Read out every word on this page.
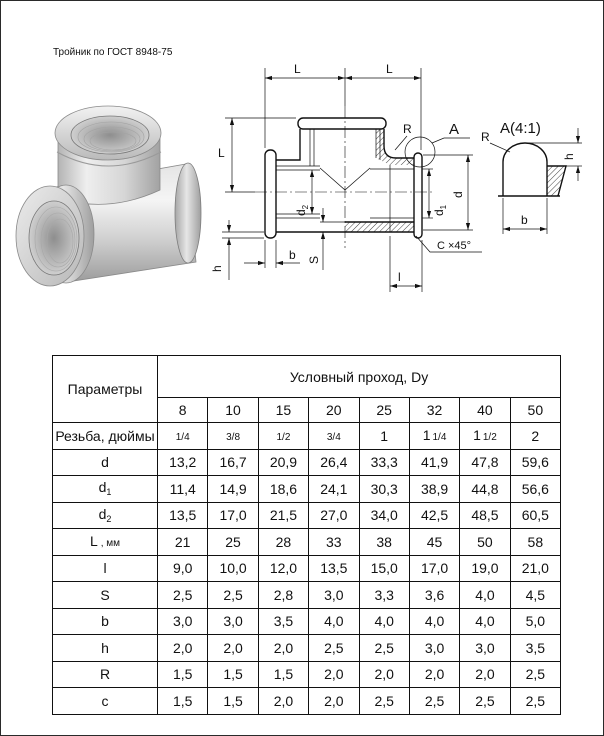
Тройник по ГОСТ 8948-75
L	L
L
h
b S
$d_2$
$d_1$
d
l
C ×45°
R A	A(4:1)
R
h
b
Параметры	Условный проход, Dy							
	8	10	15	20	25	32	40	50
Резьба, дюймы	1/4	3/8	1/2	3/4	1	1 1/4	1 1/2	2
d	13,2	16,7	20,9	26,4	33,3	41,9	47,8	59,6
$d_1$	11,4	14,9	18,6	24,1	30,3	38,9	44,8	56,6
$d_2$	13,5	17,0	21,5	27,0	34,0	42,5	48,5	60,5
L , мм	21	25	28	33	38	45	50	58
l	9,0	10,0	12,0	13,5	15,0	17,0	19,0	21,0
S	2,5	2,5	2,8	3,0	3,3	3,6	4,0	4,5
b	3,0	3,0	3,5	4,0	4,0	4,0	4,0	5,0
h	2,0	2,0	2,0	2,5	2,5	3,0	3,0	3,5
R	1,5	1,5	1,5	2,0	2,0	2,0	2,0	2,5
c	1,5	1,5	2,0	2,0	2,5	2,5	2,5	2,5
